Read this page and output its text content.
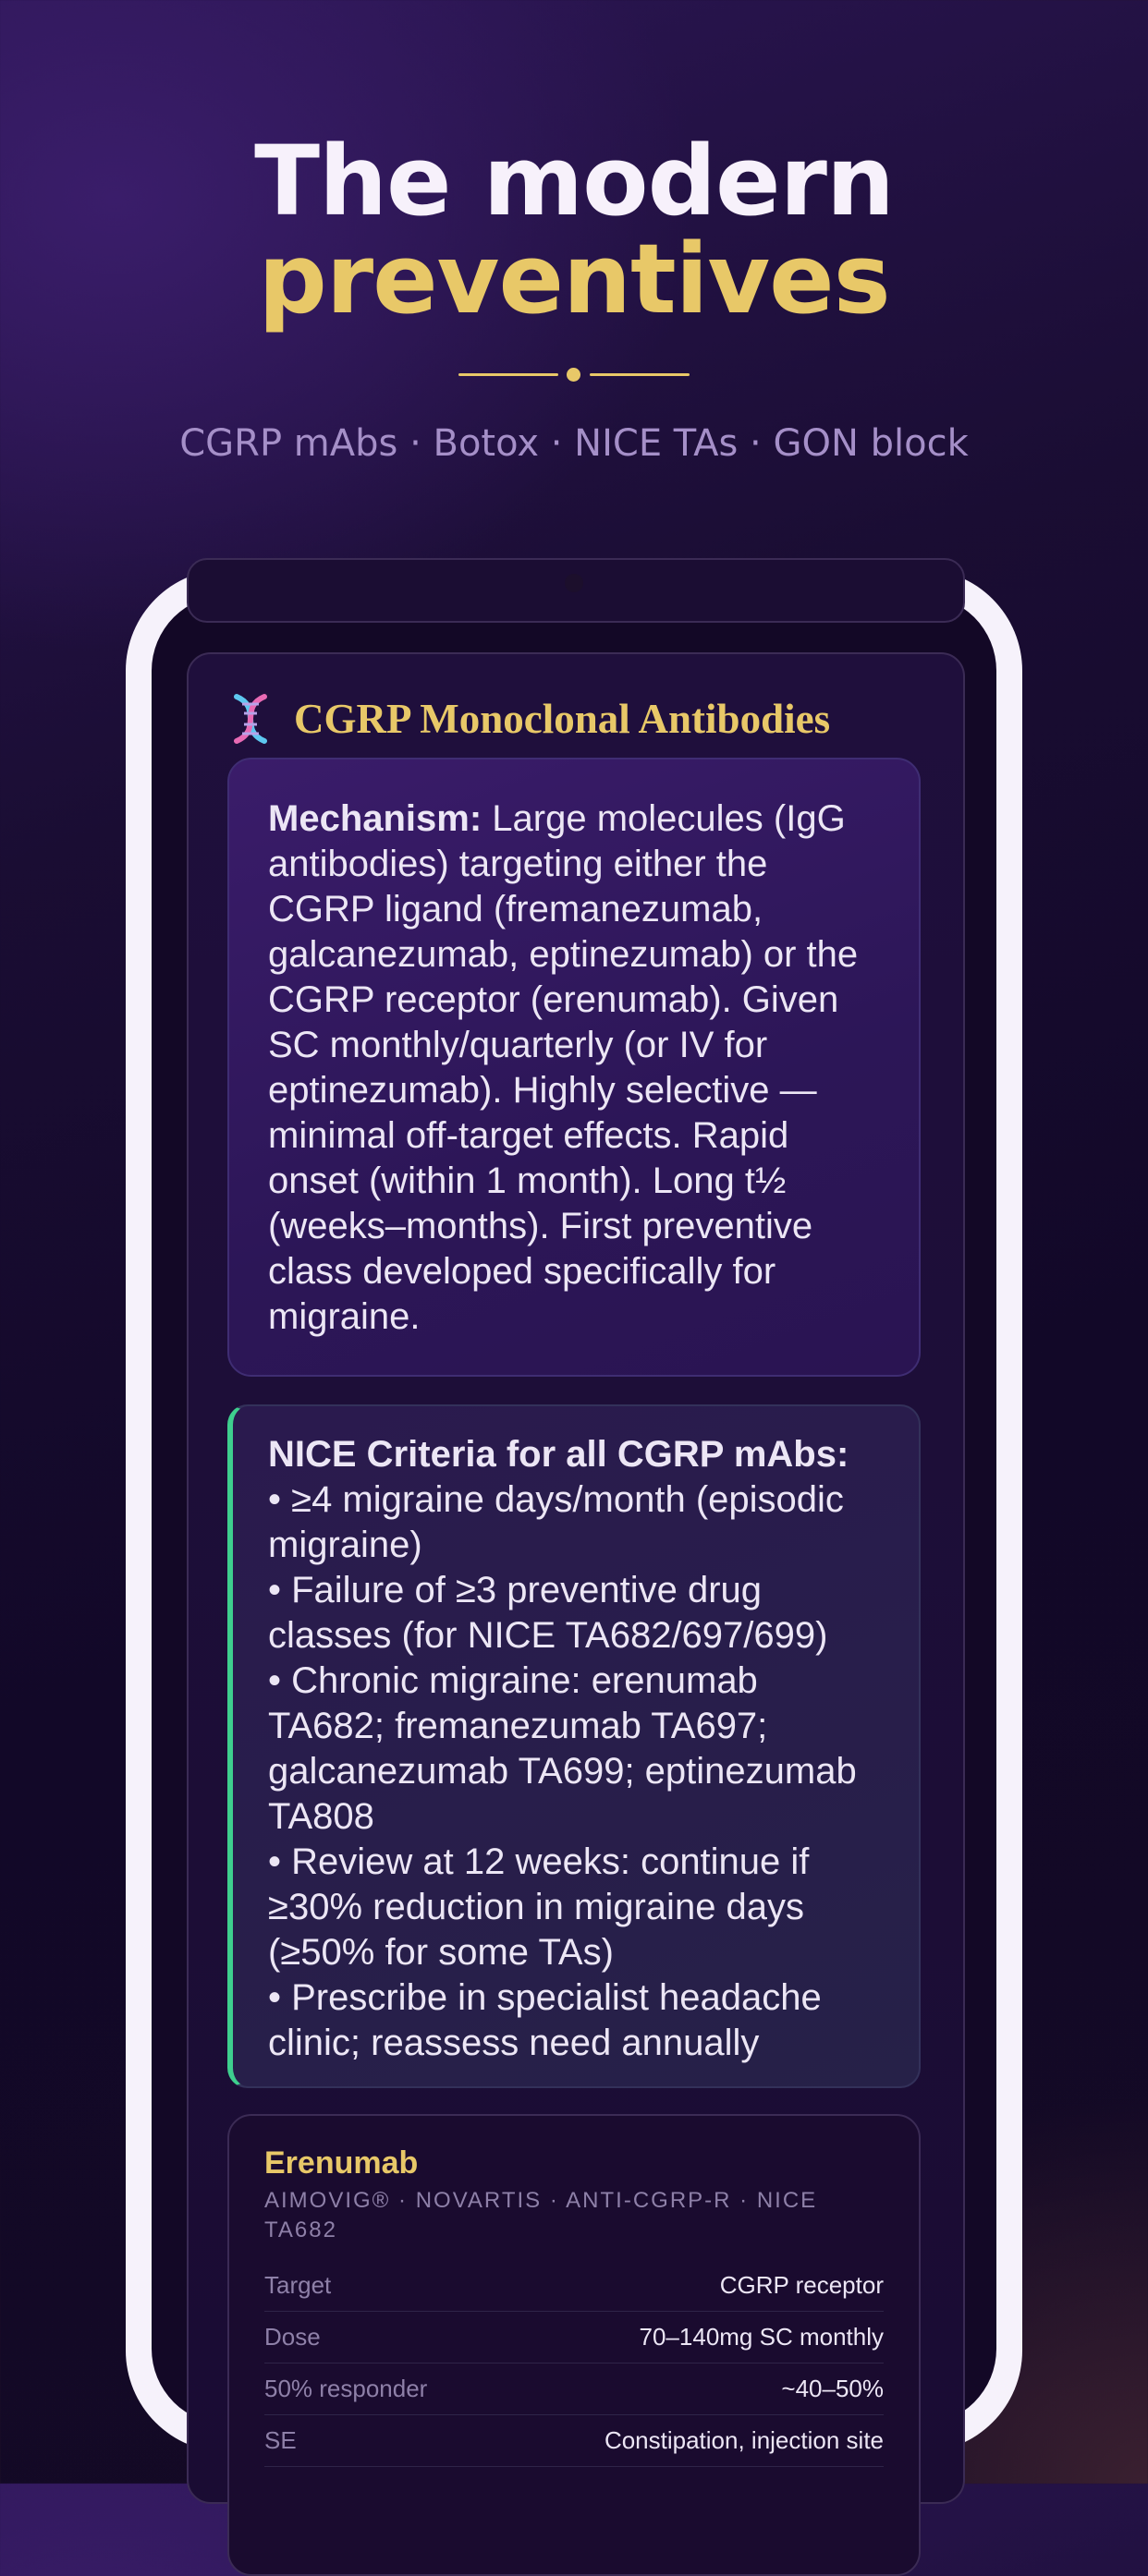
The modern
preventives
CGRP mAbs · Botox · NICE TAs · GON block
CGRP Monoclonal Antibodies
Mechanism: Large molecules (IgG antibodies) targeting either the CGRP ligand (fremanezumab, galcanezumab, eptinezumab) or the CGRP receptor (erenumab). Given SC monthly/quarterly (or IV for eptinezumab). Highly selective — minimal off-target effects. Rapid onset (within 1 month). Long t½ (weeks–months). First preventive class developed specifically for migraine.
NICE Criteria for all CGRP mAbs:
• ≥4 migraine days/month (episodic migraine)
• Failure of ≥3 preventive drug classes (for NICE TA682/697/699)
• Chronic migraine: erenumab TA682; fremanezumab TA697; galcanezumab TA699; eptinezumab TA808
• Review at 12 weeks: continue if ≥30% reduction in migraine days (≥50% for some TAs)
• Prescribe in specialist headache clinic; reassess need annually
Erenumab
AIMOVIG® · NOVARTIS · ANTI-CGRP-R · NICE TA682
Target	CGRP receptor
Dose	70–140mg SC monthly
50% responder	~40–50%
SE	Constipation, injection site
